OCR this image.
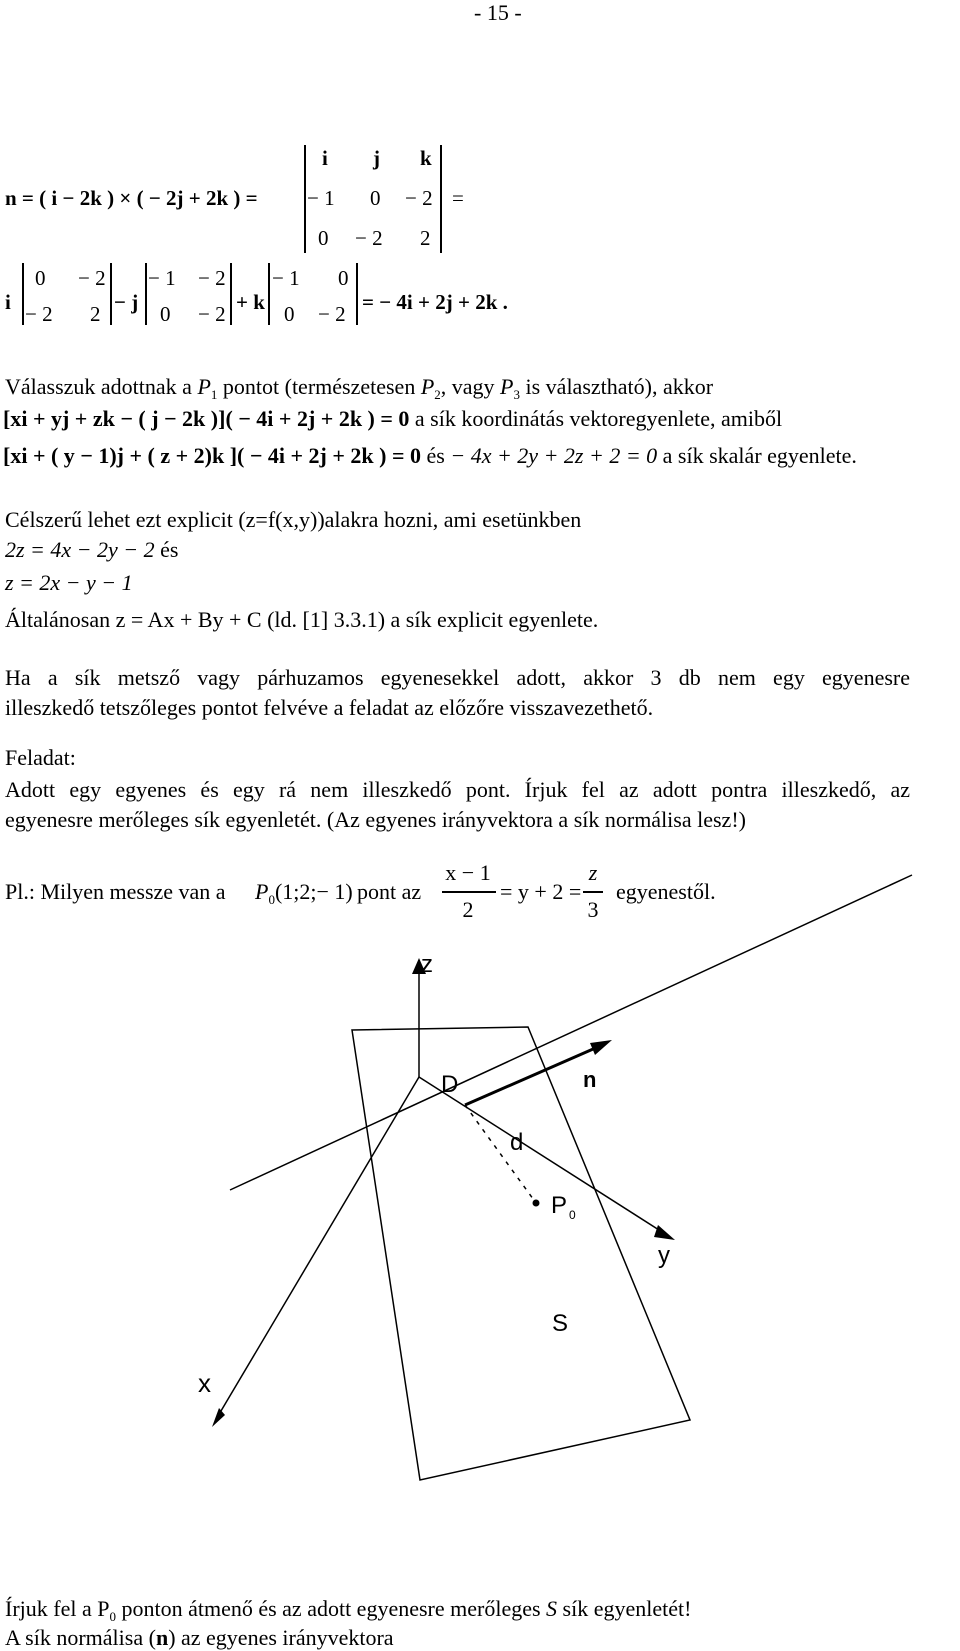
- 15 -
n = ( i − 2k ) × ( − 2j + 2k ) =
i j k
− 1 0 − 2
0 − 2 2
=
i
0 − 2
− 2 2 − j
− 1 − 2
0 − 2 + k
− 1 0
0 − 2 = − 4i + 2j + 2k .
Válasszuk adottnak a $P_1$ pontot (természetesen $P_2$, vagy $P_3$ is választható), akkor
[xi + yj + zk − ( j − 2k )]( − 4i + 2j + 2k ) = 0 a sík koordinátás vektoregyenlete, amiből
[xi + ( y − 1)j + ( z + 2)k ]( − 4i + 2j + 2k ) = 0 és − 4x + 2y + 2z + 2 = 0 a sík skalár egyenlete.
Célszerű lehet ezt explicit (z=f(x,y))alakra hozni, ami esetünkben
2z = 4x − 2y − 2 és
z = 2x − y − 1
Általánosan z = Ax + By + C (ld. [1] 3.3.1) a sík explicit egyenlete.
Ha a sík metsző vagy párhuzamos egyenesekkel adott, akkor 3 db nem egy egyenesre
illeszkedő tetszőleges pontot felvéve a feladat az előzőre visszavezethető.
Feladat:
Adott egy egyenes és egy rá nem illeszkedő pont. Írjuk fel az adott pontra illeszkedő, az
egyenesre merőleges sík egyenletét. (Az egyenes irányvektora a sík normálisa lesz!)
Pl.: Milyen messze van a $P_0(1;2;- 1)$ pont az
x − 1
2
= y + 2 =
z
3
egyenestől.
z
y
x
D	n
d
P 0
S
Írjuk fel a $P_0$ ponton átmenő és az adott egyenesre merőleges S sík egyenletét!
A sík normálisa (n) az egyenes irányvektora
